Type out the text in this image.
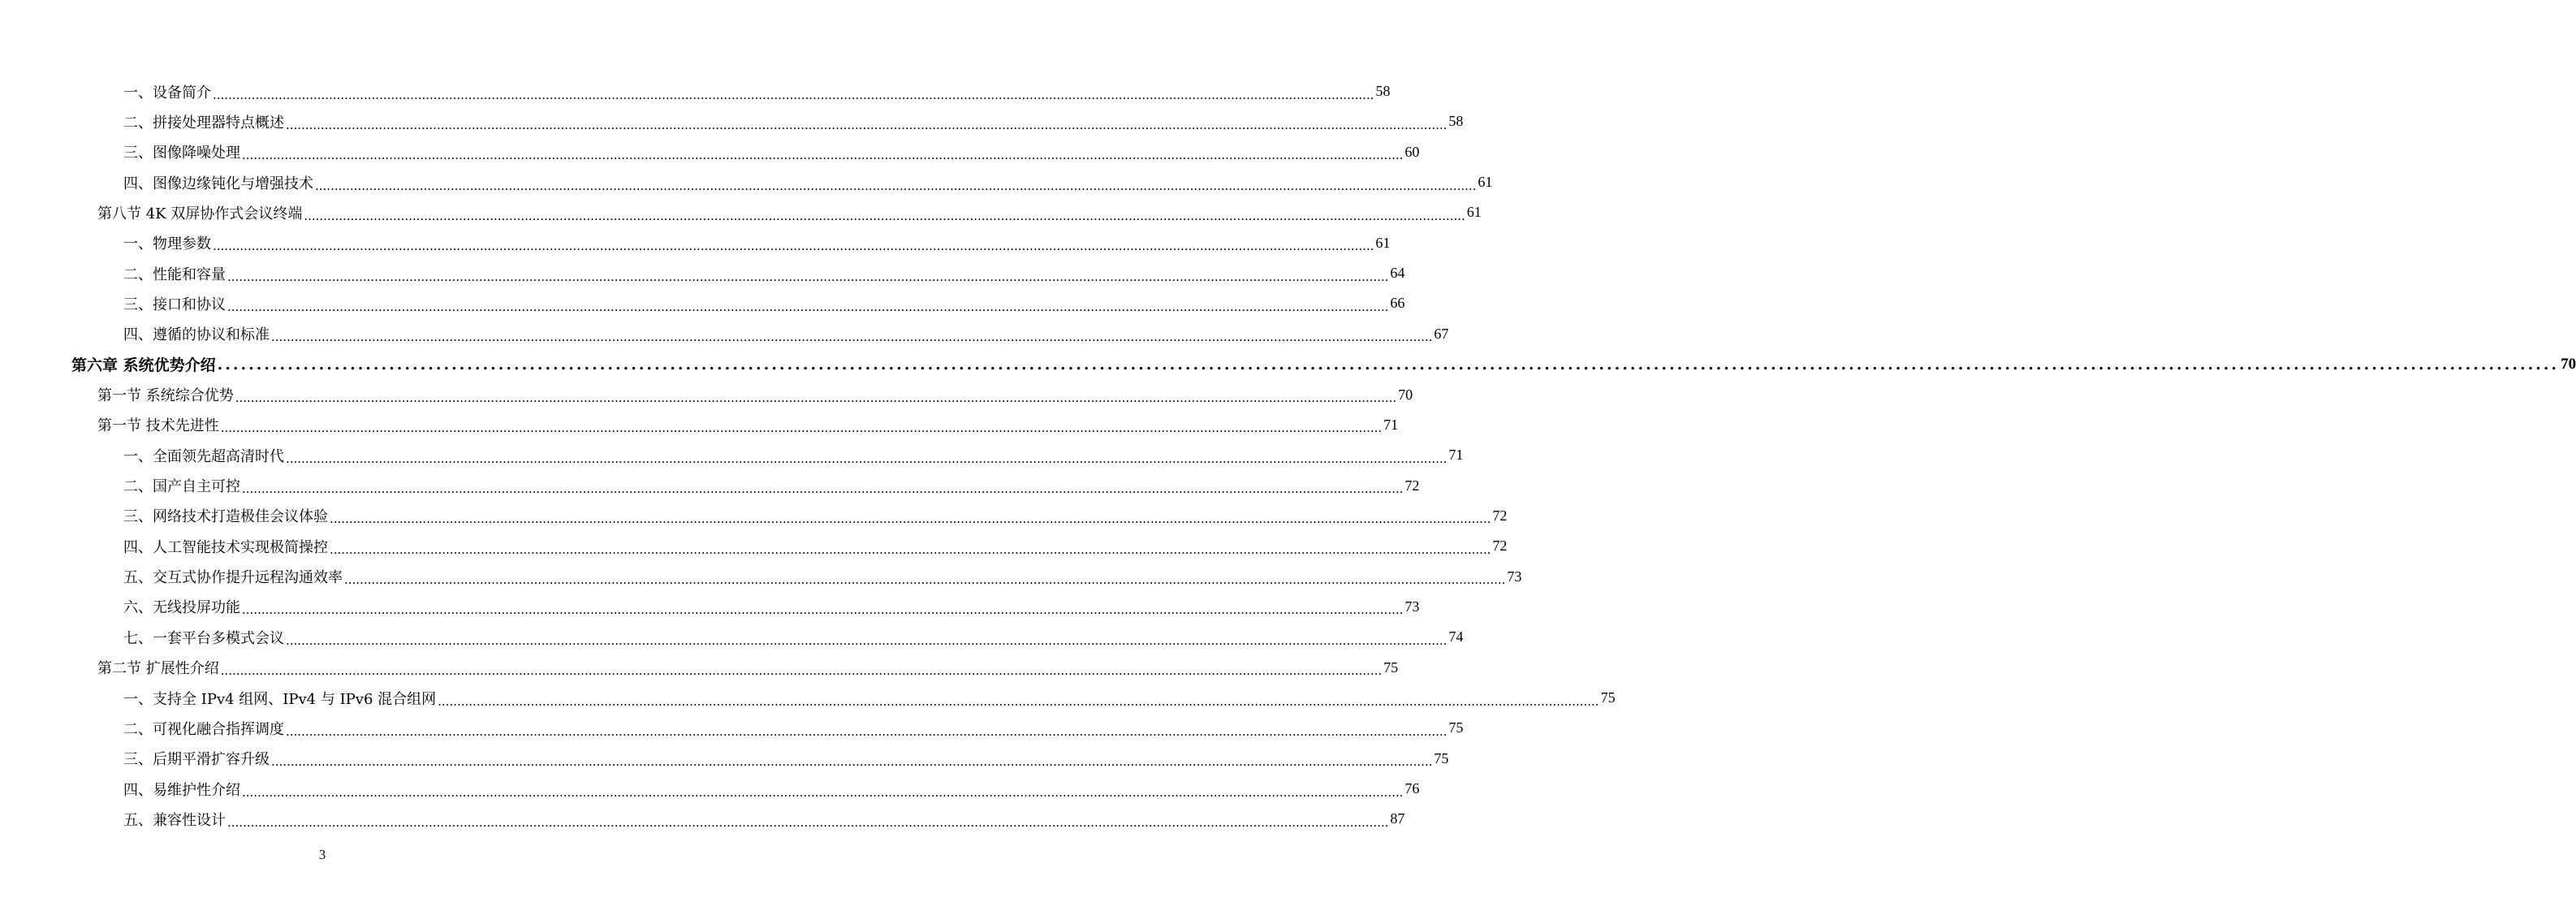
一、 设备简介 ............................................................................................................................................................................................................................................................................................................ 58
二、 拼接处理器特点概述 ............................................................................................................................................................................................................................................................................................................ 58
三、 图像降噪处理 ............................................................................................................................................................................................................................................................................................................ 60
四、 图像边缘钝化与增强技术 ............................................................................................................................................................................................................................................................................................................ 61
第八节 4K 双屏协作式会议终端 ............................................................................................................................................................................................................................................................................................................ 61
一、 物理参数 ............................................................................................................................................................................................................................................................................................................ 61
二、 性能和容量 ............................................................................................................................................................................................................................................................................................................ 64
三、 接口和协议 ............................................................................................................................................................................................................................................................................................................ 66
四、 遵循的协议和标准 ............................................................................................................................................................................................................................................................................................................ 67
第六章 系统优势介绍 ............................................................................................................................................................................................................................................................................................................ 70
第一节 系统综合优势 ............................................................................................................................................................................................................................................................................................................ 70
第一节 技术先进性 ............................................................................................................................................................................................................................................................................................................ 71
一、 全面领先超高清时代 ............................................................................................................................................................................................................................................................................................................ 71
二、 国产自主可控 ............................................................................................................................................................................................................................................................................................................ 72
三、 网络技术打造极佳会议体验 ............................................................................................................................................................................................................................................................................................................ 72
四、 人工智能技术实现极简操控 ............................................................................................................................................................................................................................................................................................................ 72
五、 交互式协作提升远程沟通效率 ............................................................................................................................................................................................................................................................................................................ 73
六、 无线投屏功能 ............................................................................................................................................................................................................................................................................................................ 73
七、 一套平台多模式会议 ............................................................................................................................................................................................................................................................................................................ 74
第二节 扩展性介绍 ............................................................................................................................................................................................................................................................................................................ 75
一、 支持全 IPv4 组网、IPv4 与 IPv6 混合组网 ............................................................................................................................................................................................................................................................................................................ 75
二、 可视化融合指挥调度 ............................................................................................................................................................................................................................................................................................................ 75
三、 后期平滑扩容升级 ............................................................................................................................................................................................................................................................................................................ 75
四、 易维护性介绍 ............................................................................................................................................................................................................................................................................................................ 76
五、 兼容性设计 ............................................................................................................................................................................................................................................................................................................ 87
3
